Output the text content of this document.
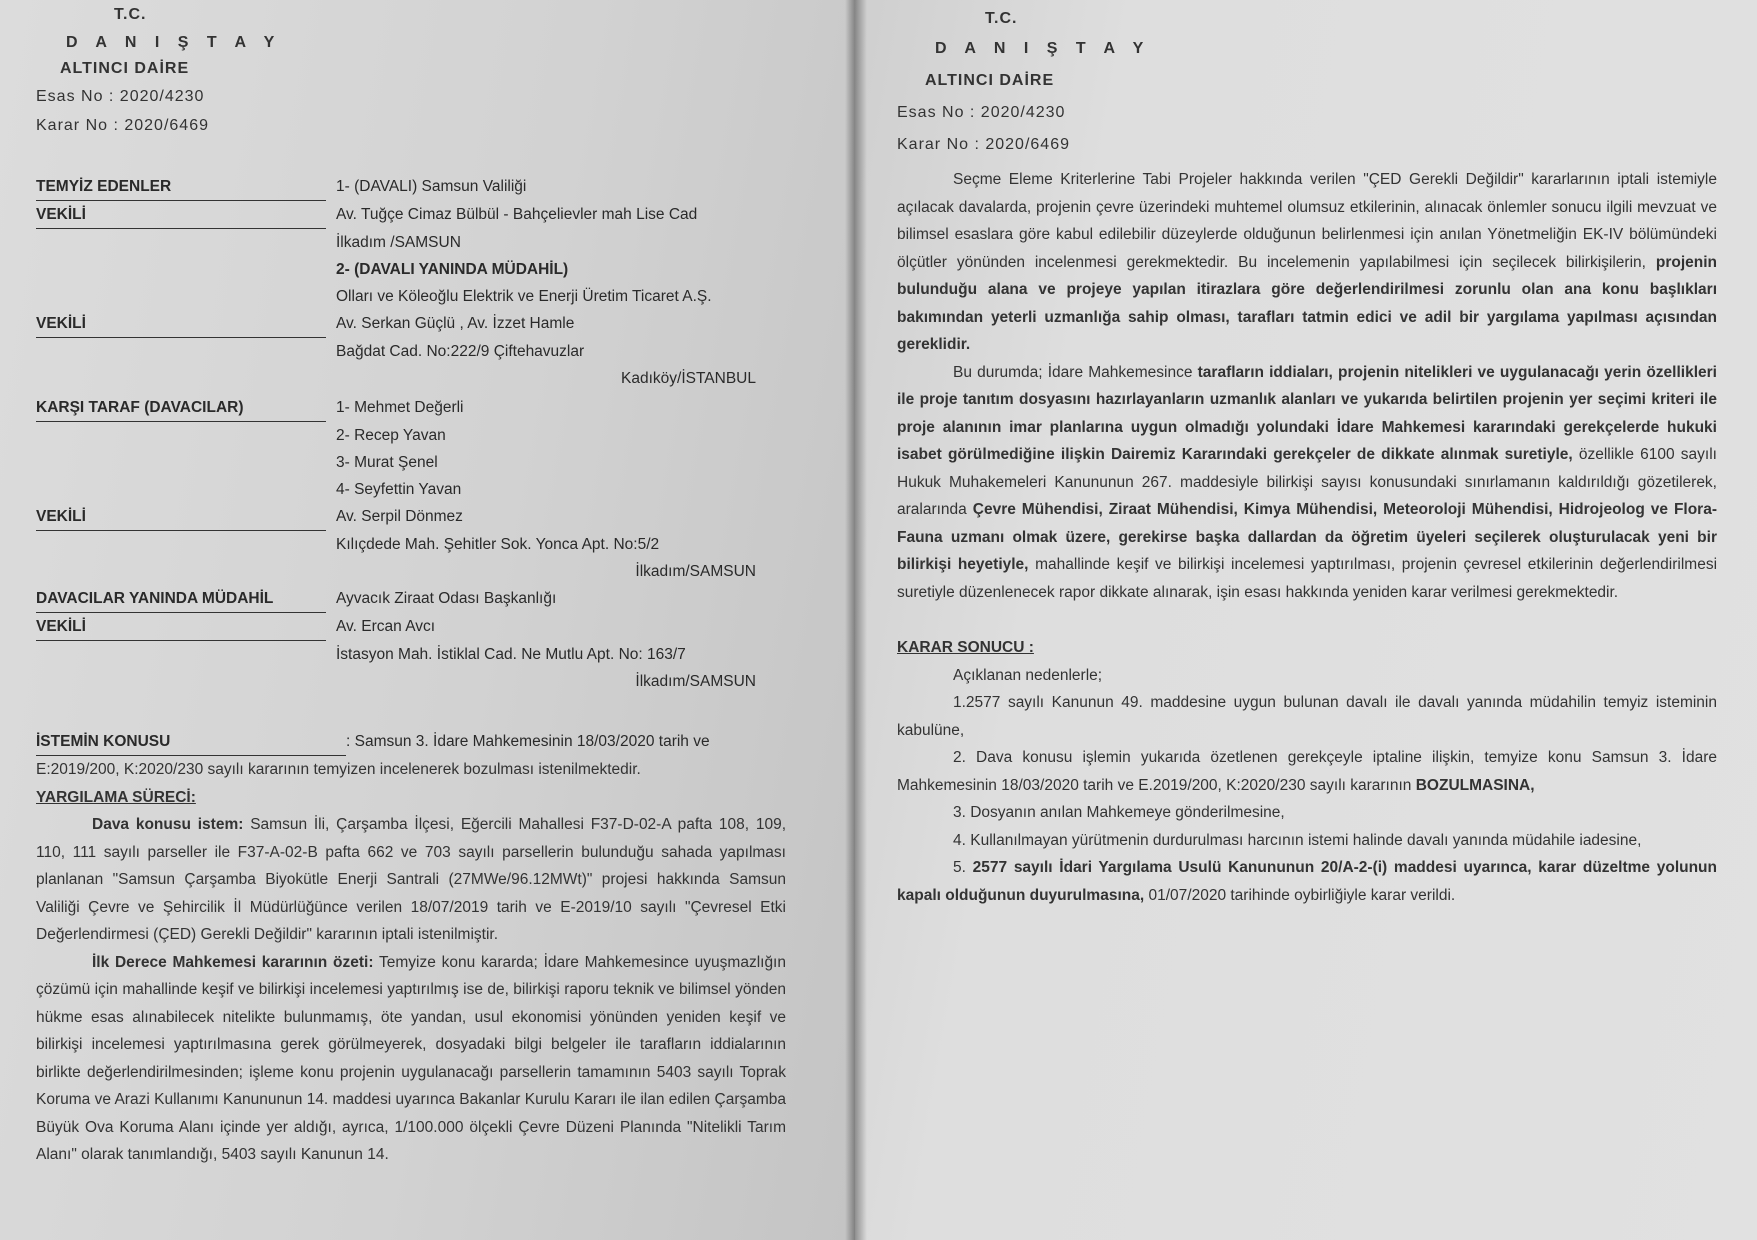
T.C.
D A N I Ş T A Y
ALTINCI DAİRE
Esas No : 2020/4230
Karar No : 2020/6469
TEMYİZ EDENLER	1- (DAVALI) Samsun Valiliği
VEKİLİ	Av. Tuğçe Cimaz Bülbül - Bahçelievler mah Lise Cad
İlkadım /SAMSUN
2- (DAVALI YANINDA MÜDAHİL)
Olları ve Köleoğlu Elektrik ve Enerji Üretim Ticaret A.Ş.
VEKİLİ	Av. Serkan Güçlü , Av. İzzet Hamle
Bağdat Cad. No:222/9 Çiftehavuzlar
Kadıköy/İSTANBUL
KARŞI TARAF (DAVACILAR)	1- Mehmet Değerli
2- Recep Yavan
3- Murat Şenel
4- Seyfettin Yavan
VEKİLİ	Av. Serpil Dönmez
Kılıçdede Mah. Şehitler Sok. Yonca Apt. No:5/2
İlkadım/SAMSUN
DAVACILAR YANINDA MÜDAHİL	Ayvacık Ziraat Odası Başkanlığı
VEKİLİ	Av. Ercan Avcı
İstasyon Mah. İstiklal Cad. Ne Mutlu Apt. No: 163/7
İlkadım/SAMSUN
İSTEMİN KONUSU	: Samsun 3. İdare Mahkemesinin 18/03/2020 tarih ve

E:2019/200, K:2020/230 sayılı kararının temyizen incelenerek bozulması istenilmektedir.

YARGILAMA SÜRECİ:

Dava konusu istem: Samsun İli, Çarşamba İlçesi, Eğercili Mahallesi F37-D-02-A pafta 108, 109, 110, 111 sayılı parseller ile F37-A-02-B pafta 662 ve 703 sayılı parsellerin bulunduğu sahada yapılması planlanan "Samsun Çarşamba Biyokütle Enerji Santrali (27MWe/96.12MWt)" projesi hakkında Samsun Valiliği Çevre ve Şehircilik İl Müdürlüğünce verilen 18/07/2019 tarih ve E-2019/10 sayılı "Çevresel Etki Değerlendirmesi (ÇED) Gerekli Değildir" kararının iptali istenilmiştir.

İlk Derece Mahkemesi kararının özeti: Temyize konu kararda; İdare Mahkemesince uyuşmazlığın çözümü için mahallinde keşif ve bilirkişi incelemesi yaptırılmış ise de, bilirkişi raporu teknik ve bilimsel yönden hükme esas alınabilecek nitelikte bulunmamış, öte yandan, usul ekonomisi yönünden yeniden keşif ve bilirkişi incelemesi yaptırılmasına gerek görülmeyerek, dosyadaki bilgi belgeler ile tarafların iddialarının birlikte değerlendirilmesinden; işleme konu projenin uygulanacağı parsellerin tamamının 5403 sayılı Toprak Koruma ve Arazi Kullanımı Kanununun 14. maddesi uyarınca Bakanlar Kurulu Kararı ile ilan edilen Çarşamba Büyük Ova Koruma Alanı içinde yer aldığı, ayrıca, 1/100.000 ölçekli Çevre Düzeni Planında "Nitelikli Tarım Alanı" olarak tanımlandığı, 5403 sayılı Kanunun 14.

T.C.
D A N I Ş T A Y
ALTINCI DAİRE
Esas No : 2020/4230
Karar No : 2020/6469

Seçme Eleme Kriterlerine Tabi Projeler hakkında verilen "ÇED Gerekli Değildir" kararlarının iptali istemiyle açılacak davalarda, projenin çevre üzerindeki muhtemel olumsuz etkilerinin, alınacak önlemler sonucu ilgili mevzuat ve bilimsel esaslara göre kabul edilebilir düzeylerde olduğunun belirlenmesi için anılan Yönetmeliğin EK-IV bölümündeki ölçütler yönünden incelenmesi gerekmektedir. Bu incelemenin yapılabilmesi için seçilecek bilirkişilerin, projenin bulunduğu alana ve projeye yapılan itirazlara göre değerlendirilmesi zorunlu olan ana konu başlıkları bakımından yeterli uzmanlığa sahip olması, tarafları tatmin edici ve adil bir yargılama yapılması açısından gereklidir.

Bu durumda; İdare Mahkemesince tarafların iddiaları, projenin nitelikleri ve uygulanacağı yerin özellikleri ile proje tanıtım dosyasını hazırlayanların uzmanlık alanları ve yukarıda belirtilen projenin yer seçimi kriteri ile proje alanının imar planlarına uygun olmadığı yolundaki İdare Mahkemesi kararındaki gerekçelerde hukuki isabet görülmediğine ilişkin Dairemiz Kararındaki gerekçeler de dikkate alınmak suretiyle, özellikle 6100 sayılı Hukuk Muhakemeleri Kanununun 267. maddesiyle bilirkişi sayısı konusundaki sınırlamanın kaldırıldığı gözetilerek, aralarında Çevre Mühendisi, Ziraat Mühendisi, Kimya Mühendisi, Meteoroloji Mühendisi, Hidrojeolog ve Flora-Fauna uzmanı olmak üzere, gerekirse başka dallardan da öğretim üyeleri seçilerek oluşturulacak yeni bir bilirkişi heyetiyle, mahallinde keşif ve bilirkişi incelemesi yaptırılması, projenin çevresel etkilerinin değerlendirilmesi suretiyle düzenlenecek rapor dikkate alınarak, işin esası hakkında yeniden karar verilmesi gerekmektedir.

KARAR SONUCU :

Açıklanan nedenlerle;

1.2577 sayılı Kanunun 49. maddesine uygun bulunan davalı ile davalı yanında müdahilin temyiz isteminin kabulüne,

2. Dava konusu işlemin yukarıda özetlenen gerekçeyle iptaline ilişkin, temyize konu Samsun 3. İdare Mahkemesinin 18/03/2020 tarih ve E.2019/200, K:2020/230 sayılı kararının BOZULMASINA,

3. Dosyanın anılan Mahkemeye gönderilmesine,

4. Kullanılmayan yürütmenin durdurulması harcının istemi halinde davalı yanında müdahile iadesine,

5. 2577 sayılı İdari Yargılama Usulü Kanununun 20/A-2-(i) maddesi uyarınca, karar düzeltme yolunun kapalı olduğunun duyurulmasına, 01/07/2020 tarihinde oybirliğiyle karar verildi.
